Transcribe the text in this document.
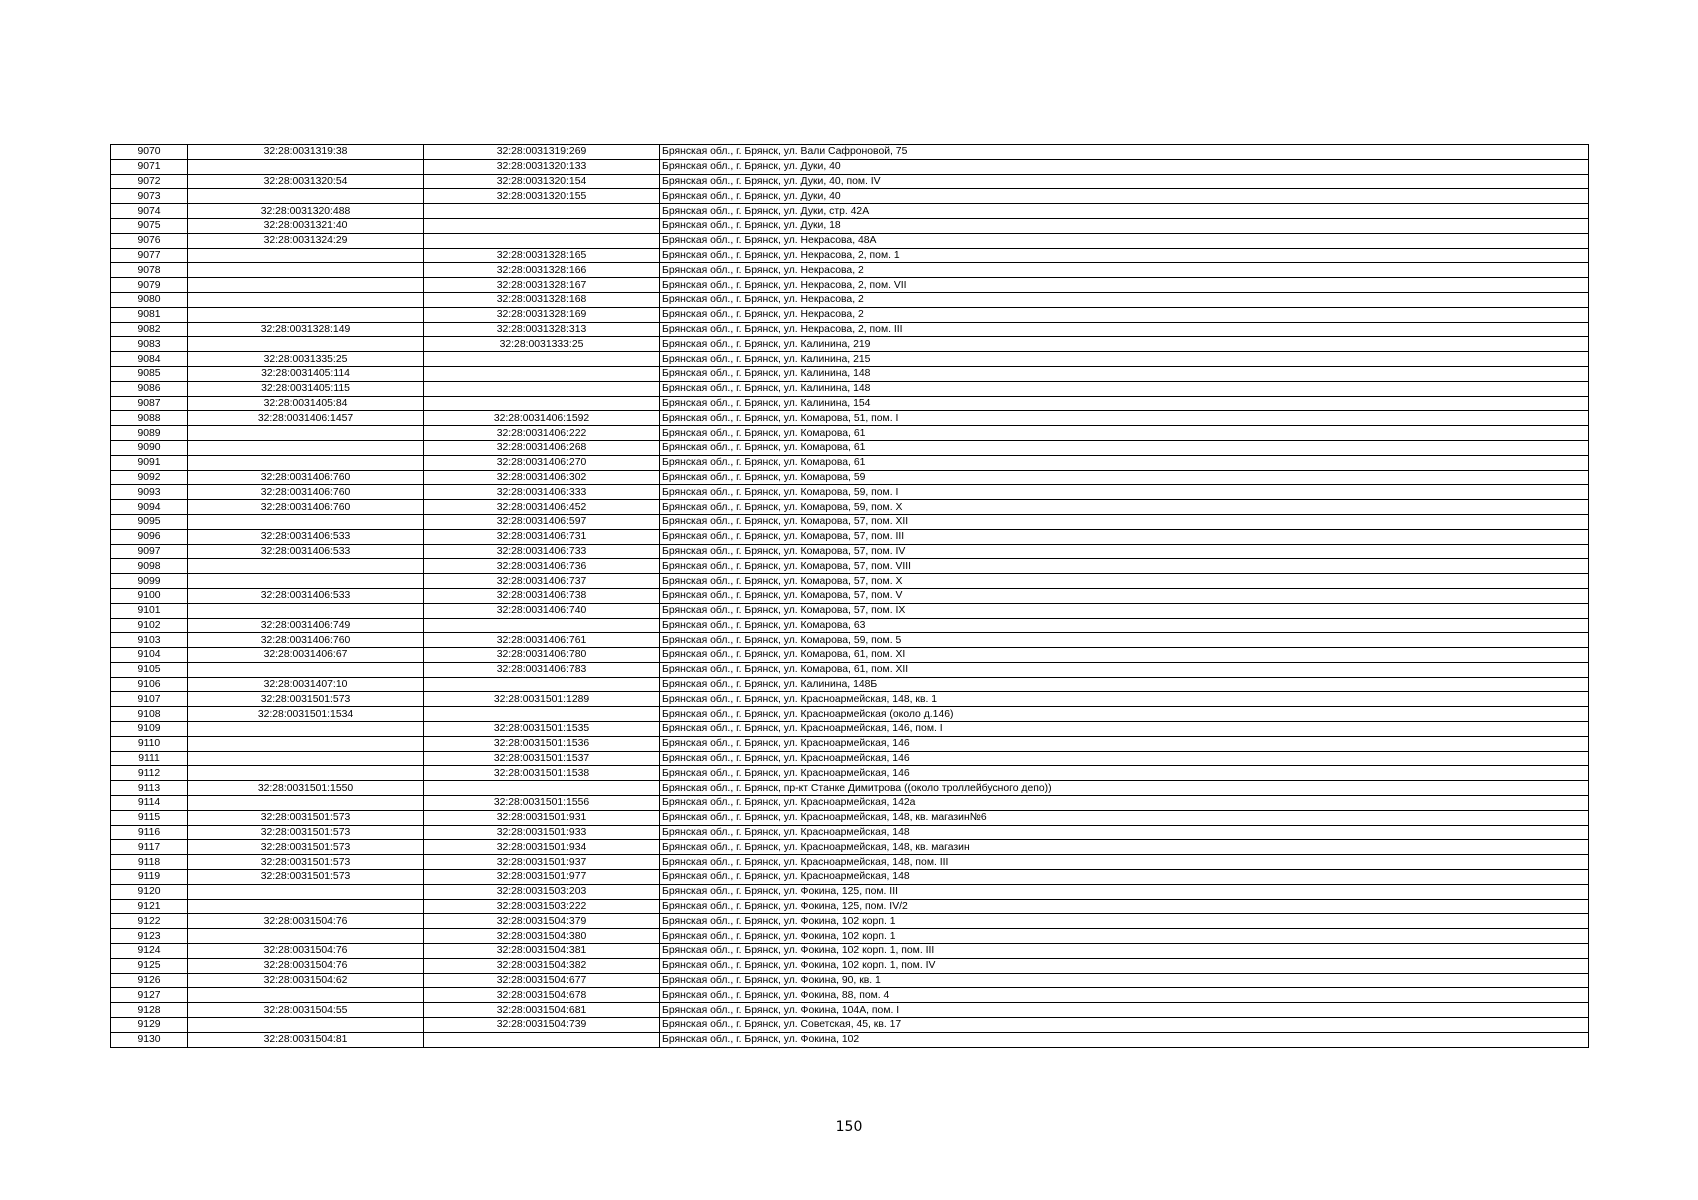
9070	32:28:0031319:38	32:28:0031319:269	Брянская обл., г. Брянск, ул. Вали Сафроновой, 75
9071		32:28:0031320:133	Брянская обл., г. Брянск, ул. Дуки, 40
9072	32:28:0031320:54	32:28:0031320:154	Брянская обл., г. Брянск, ул. Дуки, 40, пом. IV
9073		32:28:0031320:155	Брянская обл., г. Брянск, ул. Дуки, 40
9074	32:28:0031320:488		Брянская обл., г. Брянск, ул. Дуки, стр. 42А
9075	32:28:0031321:40		Брянская обл., г. Брянск, ул. Дуки, 18
9076	32:28:0031324:29		Брянская обл., г. Брянск, ул. Некрасова, 48А
9077		32:28:0031328:165	Брянская обл., г. Брянск, ул. Некрасова, 2, пом. 1
9078		32:28:0031328:166	Брянская обл., г. Брянск, ул. Некрасова, 2
9079		32:28:0031328:167	Брянская обл., г. Брянск, ул. Некрасова, 2, пом. VII
9080		32:28:0031328:168	Брянская обл., г. Брянск, ул. Некрасова, 2
9081		32:28:0031328:169	Брянская обл., г. Брянск, ул. Некрасова, 2
9082	32:28:0031328:149	32:28:0031328:313	Брянская обл., г. Брянск, ул. Некрасова, 2, пом. III
9083		32:28:0031333:25	Брянская обл., г. Брянск, ул. Калинина, 219
9084	32:28:0031335:25		Брянская обл., г. Брянск, ул. Калинина, 215
9085	32:28:0031405:114		Брянская обл., г. Брянск, ул. Калинина, 148
9086	32:28:0031405:115		Брянская обл., г. Брянск, ул. Калинина, 148
9087	32:28:0031405:84		Брянская обл., г. Брянск, ул. Калинина, 154
9088	32:28:0031406:1457	32:28:0031406:1592	Брянская обл., г. Брянск, ул. Комарова, 51, пом. I
9089		32:28:0031406:222	Брянская обл., г. Брянск, ул. Комарова, 61
9090		32:28:0031406:268	Брянская обл., г. Брянск, ул. Комарова, 61
9091		32:28:0031406:270	Брянская обл., г. Брянск, ул. Комарова, 61
9092	32:28:0031406:760	32:28:0031406:302	Брянская обл., г. Брянск, ул. Комарова, 59
9093	32:28:0031406:760	32:28:0031406:333	Брянская обл., г. Брянск, ул. Комарова, 59, пом. I
9094	32:28:0031406:760	32:28:0031406:452	Брянская обл., г. Брянск, ул. Комарова, 59, пом. X
9095		32:28:0031406:597	Брянская обл., г. Брянск, ул. Комарова, 57, пом. XII
9096	32:28:0031406:533	32:28:0031406:731	Брянская обл., г. Брянск, ул. Комарова, 57, пом. III
9097	32:28:0031406:533	32:28:0031406:733	Брянская обл., г. Брянск, ул. Комарова, 57, пом. IV
9098		32:28:0031406:736	Брянская обл., г. Брянск, ул. Комарова, 57, пом. VIII
9099		32:28:0031406:737	Брянская обл., г. Брянск, ул. Комарова, 57, пом. X
9100	32:28:0031406:533	32:28:0031406:738	Брянская обл., г. Брянск, ул. Комарова, 57, пом. V
9101		32:28:0031406:740	Брянская обл., г. Брянск, ул. Комарова, 57, пом. IX
9102	32:28:0031406:749		Брянская обл., г. Брянск, ул. Комарова, 63
9103	32:28:0031406:760	32:28:0031406:761	Брянская обл., г. Брянск, ул. Комарова, 59, пом. 5
9104	32:28:0031406:67	32:28:0031406:780	Брянская обл., г. Брянск, ул. Комарова, 61, пом. XI
9105		32:28:0031406:783	Брянская обл., г. Брянск, ул. Комарова, 61, пом. XII
9106	32:28:0031407:10		Брянская обл., г. Брянск, ул. Калинина, 148Б
9107	32:28:0031501:573	32:28:0031501:1289	Брянская обл., г. Брянск, ул. Красноармейская, 148, кв. 1
9108	32:28:0031501:1534		Брянская обл., г. Брянск, ул. Красноармейская (около д.146)
9109		32:28:0031501:1535	Брянская обл., г. Брянск, ул. Красноармейская, 146, пом. I
9110		32:28:0031501:1536	Брянская обл., г. Брянск, ул. Красноармейская, 146
9111		32:28:0031501:1537	Брянская обл., г. Брянск, ул. Красноармейская, 146
9112		32:28:0031501:1538	Брянская обл., г. Брянск, ул. Красноармейская, 146
9113	32:28:0031501:1550		Брянская обл., г. Брянск, пр-кт Станке Димитрова ((около троллейбусного депо))
9114		32:28:0031501:1556	Брянская обл., г. Брянск, ул. Красноармейская, 142а
9115	32:28:0031501:573	32:28:0031501:931	Брянская обл., г. Брянск, ул. Красноармейская, 148, кв. магазин№6
9116	32:28:0031501:573	32:28:0031501:933	Брянская обл., г. Брянск, ул. Красноармейская, 148
9117	32:28:0031501:573	32:28:0031501:934	Брянская обл., г. Брянск, ул. Красноармейская, 148, кв. магазин
9118	32:28:0031501:573	32:28:0031501:937	Брянская обл., г. Брянск, ул. Красноармейская, 148, пом. III
9119	32:28:0031501:573	32:28:0031501:977	Брянская обл., г. Брянск, ул. Красноармейская, 148
9120		32:28:0031503:203	Брянская обл., г. Брянск, ул. Фокина, 125, пом. III
9121		32:28:0031503:222	Брянская обл., г. Брянск, ул. Фокина, 125, пом. IV/2
9122	32:28:0031504:76	32:28:0031504:379	Брянская обл., г. Брянск, ул. Фокина, 102 корп. 1
9123		32:28:0031504:380	Брянская обл., г. Брянск, ул. Фокина, 102 корп. 1
9124	32:28:0031504:76	32:28:0031504:381	Брянская обл., г. Брянск, ул. Фокина, 102 корп. 1, пом. III
9125	32:28:0031504:76	32:28:0031504:382	Брянская обл., г. Брянск, ул. Фокина, 102 корп. 1, пом. IV
9126	32:28:0031504:62	32:28:0031504:677	Брянская обл., г. Брянск, ул. Фокина, 90, кв. 1
9127		32:28:0031504:678	Брянская обл., г. Брянск, ул. Фокина, 88, пом. 4
9128	32:28:0031504:55	32:28:0031504:681	Брянская обл., г. Брянск, ул. Фокина, 104А, пом. I
9129		32:28:0031504:739	Брянская обл., г. Брянск, ул. Советская, 45, кв. 17
9130	32:28:0031504:81		Брянская обл., г. Брянск, ул. Фокина, 102
150
